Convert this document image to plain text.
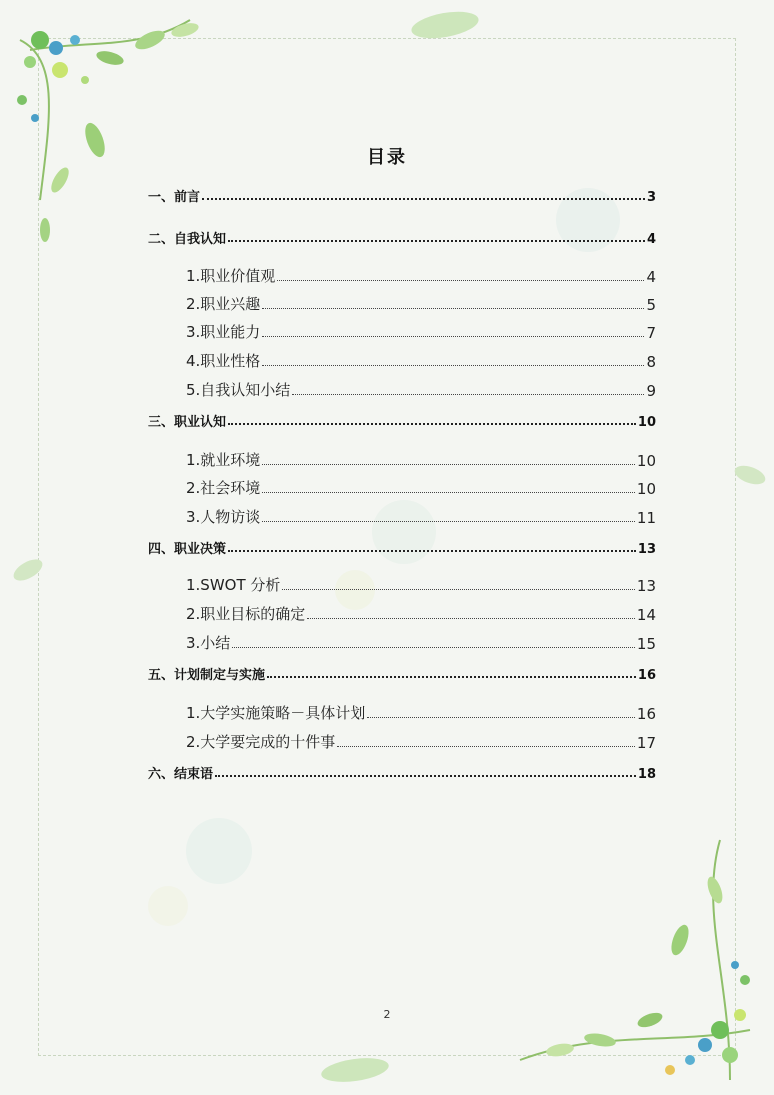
目录
一、前言	3
二、自我认知	4
1.职业价值观	4
2.职业兴趣	5
3.职业能力	7
4.职业性格	8
5.自我认知小结	9
三、职业认知	10
1.就业环境	10
2.社会环境	10
3.人物访谈	11
四、职业决策	13
1.SWOT 分析	13
2.职业目标的确定	14
3.小结	15
五、计划制定与实施	16
1.大学实施策略－具体计划	16
2.大学要完成的十件事	17
六、结束语	18
2
